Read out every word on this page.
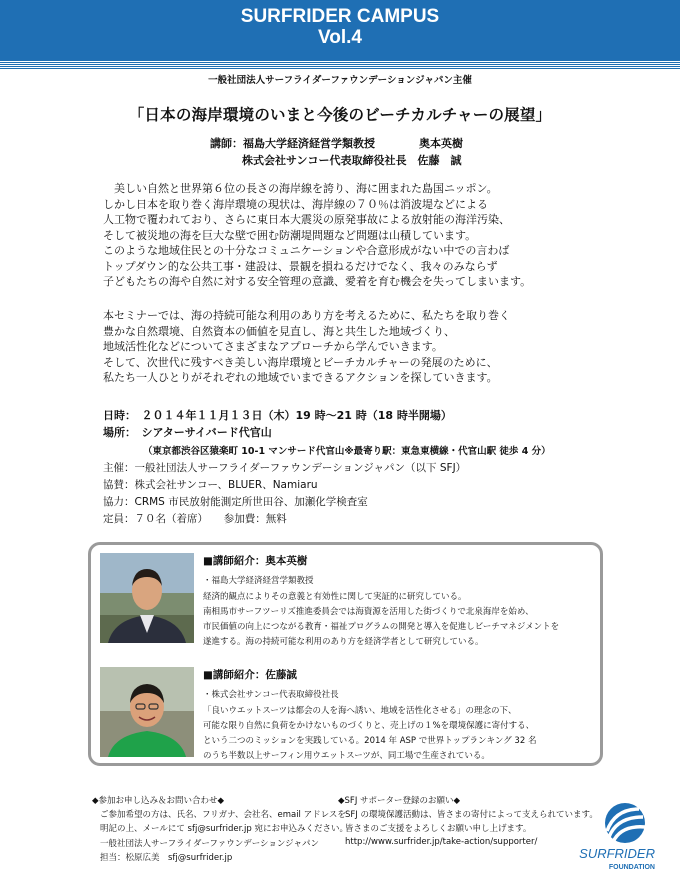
SURFRIDER CAMPUS
Vol.4
一般社団法人サーフライダーファウンデーションジャパン主催
「日本の海岸環境のいまと今後のビーチカルチャーの展望」
講師：福島大学経済経営学類教授　　　　奥本英樹
株式会社サンコー代表取締役社長　佐藤　誠
　美しい自然と世界第６位の長さの海岸線を誇り、海に囲まれた島国ニッポン。
しかし日本を取り巻く海岸環境の現状は、海岸線の７０％は消波堤などによる
人工物で覆われており、さらに東日本大震災の原発事故による放射能の海洋汚染、
そして被災地の海を巨大な壁で囲む防潮堤問題など問題は山積しています。
このような地域住民との十分なコミュニケーションや合意形成がない中での言わば
トップダウン的な公共工事・建設は、景観を損ねるだけでなく、我々のみならず
子どもたちの海や自然に対する安全管理の意識、愛着を育む機会を失ってしまいます。
本セミナーでは、海の持続可能な利用のあり方を考えるために、私たちを取り巻く
豊かな自然環境、自然資本の価値を見直し、海と共生した地域づくり、
地域活性化などについてさまざまなアプローチから学んでいきます。
そして、次世代に残すべき美しい海岸環境とビーチカルチャーの発展のために、
私たち一人ひとりがそれぞれの地域でいまできるアクションを探していきます。
日時：　２０１４年１１月１３日（木）19 時〜21 時（18 時半開場）
場所：　シアターサイバード代官山
（東京都渋谷区猿楽町 10-1 マンサード代官山※最寄り駅：東急東横線・代官山駅 徒歩 4 分）
主催：一般社団法人サーフライダーファウンデーションジャパン（以下 SFJ）
協賛：株式会社サンコー、BLUER、Namiaru
協力：CRMS 市民放射能測定所世田谷、加瀬化学検査室
定員：７０名（着席）　　参加費：無料
■講師紹介：奥本英樹
・福島大学経済経営学類教授
経済的観点によりその意義と有効性に関して実証的に研究している。
南相馬市サーフツーリズ推進委員会では海資源を活用した街づくりで北泉海岸を始め、
市民価値の向上につながる教育・福祉プログラムの開発と導入を促進しビーチマネジメントを
遂進する。海の持続可能な利用のあり方を経済学者として研究している。
■講師紹介：佐藤誠
・株式会社サンコー代表取締役社長
「良いウエットスーツは都会の人を海へ誘い、地域を活性化させる」の理念の下、
可能な限り自然に負荷をかけないものづくりと、売上げの１%を環境保護に寄付する、
という二つのミッションを実践している。2014 年 ASP で世界トップランキング 32 名
のうち半数以上サーフィン用ウエットスーツが、同工場で生産されている。
◆参加お申し込み＆お問い合わせ◆
ご参加希望の方は、氏名、フリガナ、会社名、email アドレスを
明記の上、メールにて sfj@surfrider.jp 宛にお申込みください。
一般社団法人サーフライダーファウンデーションジャパン
担当：松原広美　sfj@surfrider.jp
◆SFJ サポーター登録のお願い◆
SFJ の環境保護活動は、皆さまの寄付によって支えられています。
皆さまのご支援をよろしくお願い申し上げます。
http://www.surfrider.jp/take-action/supporter/
SURFRIDER
FOUNDATION
